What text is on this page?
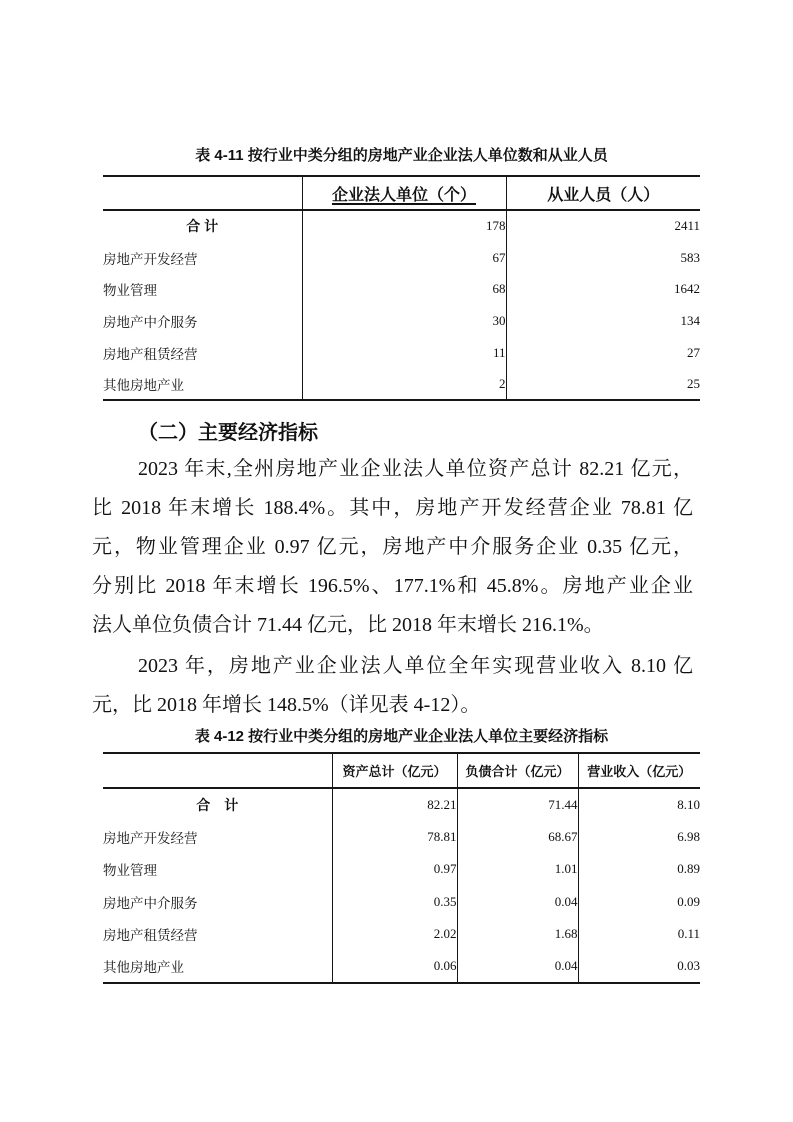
表 4-11 按行业中类分组的房地产业企业法人单位数和从业人员
	企业法人单位（个）	从业人员（人）
合 计	178	2411
房地产开发经营	67	583
物业管理	68	1642
房地产中介服务	30	134
房地产租赁经营	11	27
其他房地产业	2	25
（二）主要经济指标
2023 年末,全州房地产业企业法人单位资产总计 82.21 亿元，
比 2018 年末增长 188.4%。其中，房地产开发经营企业 78.81 亿
元，物业管理企业 0.97 亿元，房地产中介服务企业 0.35 亿元，
分别比 2018 年末增长 196.5%、177.1%和 45.8%。房地产业企业
法人单位负债合计 71.44 亿元，比 2018 年末增长 216.1%。
2023 年，房地产业企业法人单位全年实现营业收入 8.10 亿
元，比 2018 年增长 148.5%（详见表 4-12）。
表 4-12 按行业中类分组的房地产业企业法人单位主要经济指标
	资产总计（亿元）	负债合计（亿元）	营业收入（亿元）
合　计	82.21	71.44	8.10
房地产开发经营	78.81	68.67	6.98
物业管理	0.97	1.01	0.89
房地产中介服务	0.35	0.04	0.09
房地产租赁经营	2.02	1.68	0.11
其他房地产业	0.06	0.04	0.03
